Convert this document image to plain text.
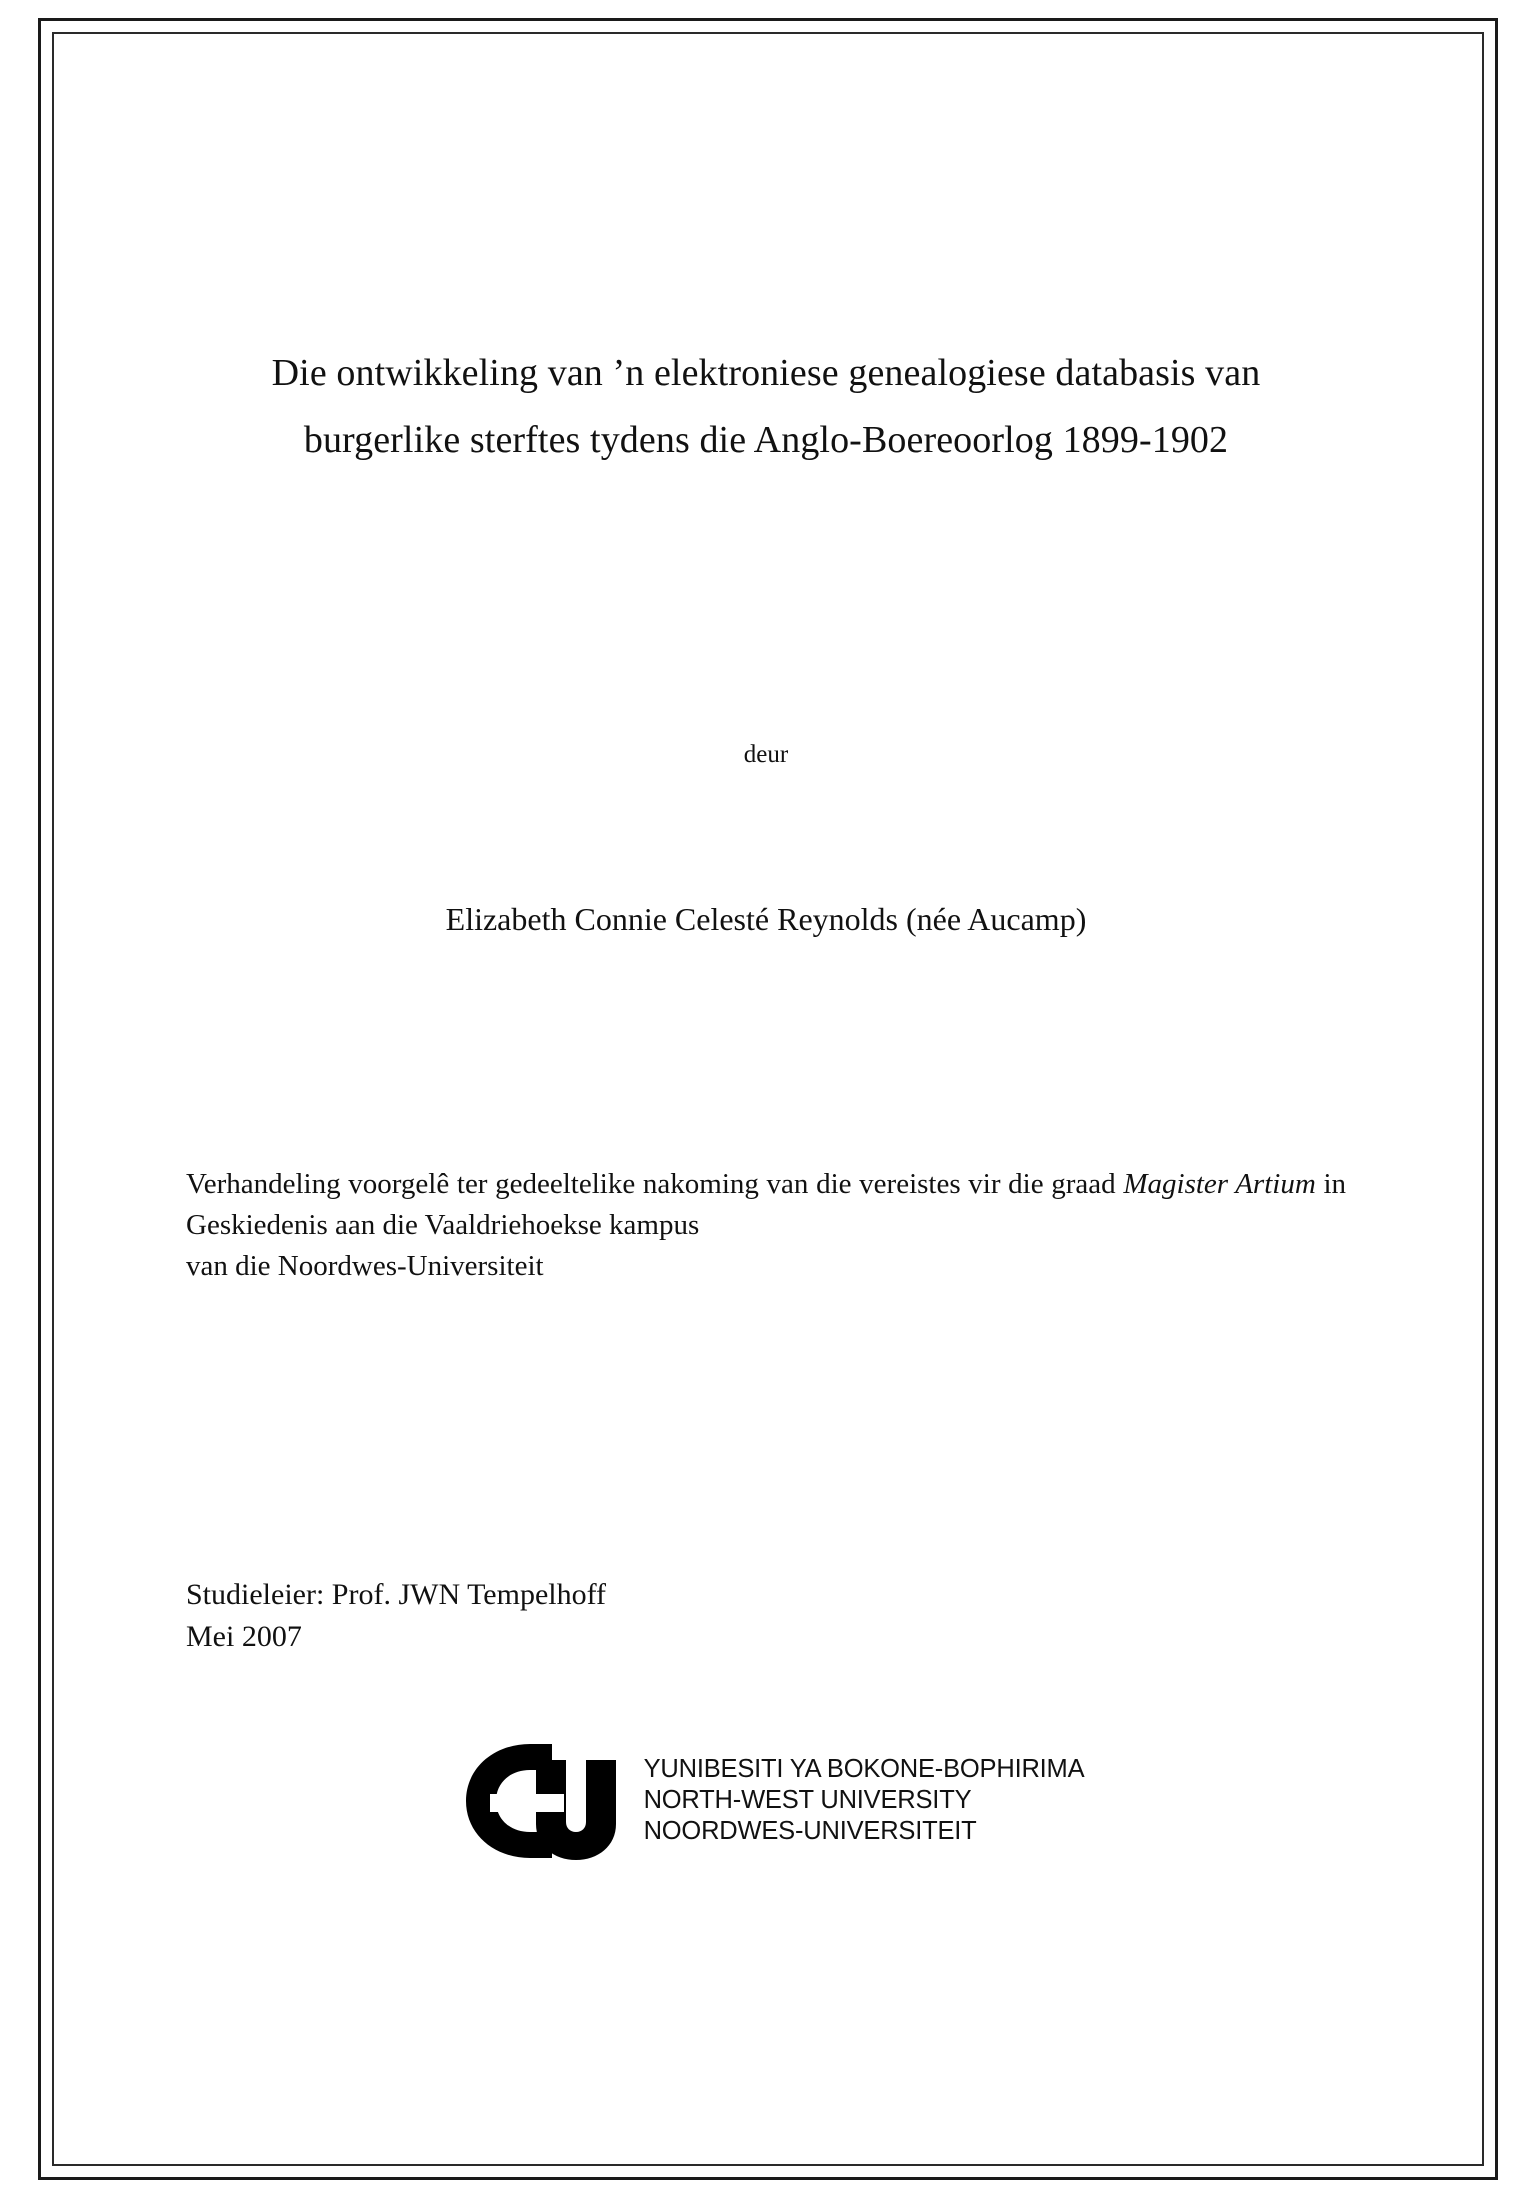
Die ontwikkeling van ’n elektroniese genealogiese databasis van
burgerlike sterftes tydens die Anglo-Boereoorlog 1899-1902
deur
Elizabeth Connie Celesté Reynolds (née Aucamp)
Verhandeling voorgelê ter gedeeltelike nakoming van die vereistes vir die graad Magister Artium in Geskiedenis aan die Vaaldriehoekse kampus
van die Noordwes-Universiteit
Studieleier: Prof. JWN Tempelhoff
Mei 2007
YUNIBESITI YA BOKONE-BOPHIRIMA
NORTH-WEST UNIVERSITY
NOORDWES-UNIVERSITEIT
